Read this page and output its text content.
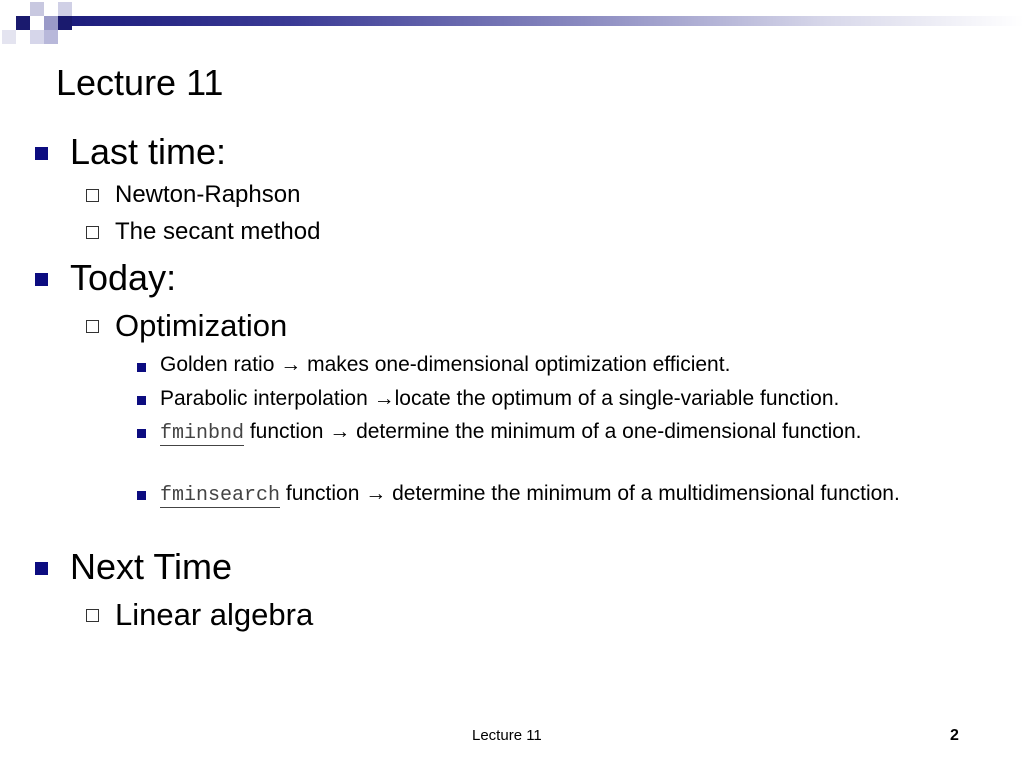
Lecture 11
Last time:
Newton-Raphson
The secant method
Today:
Optimization
Golden ratio → makes one-dimensional optimization efficient.
Parabolic interpolation →locate the optimum of a single-variable function.
fminbnd function → determine the minimum of a one-dimensional function.
fminsearch function → determine the minimum of a multidimensional function.
Next Time
Linear algebra
Lecture 11	2
